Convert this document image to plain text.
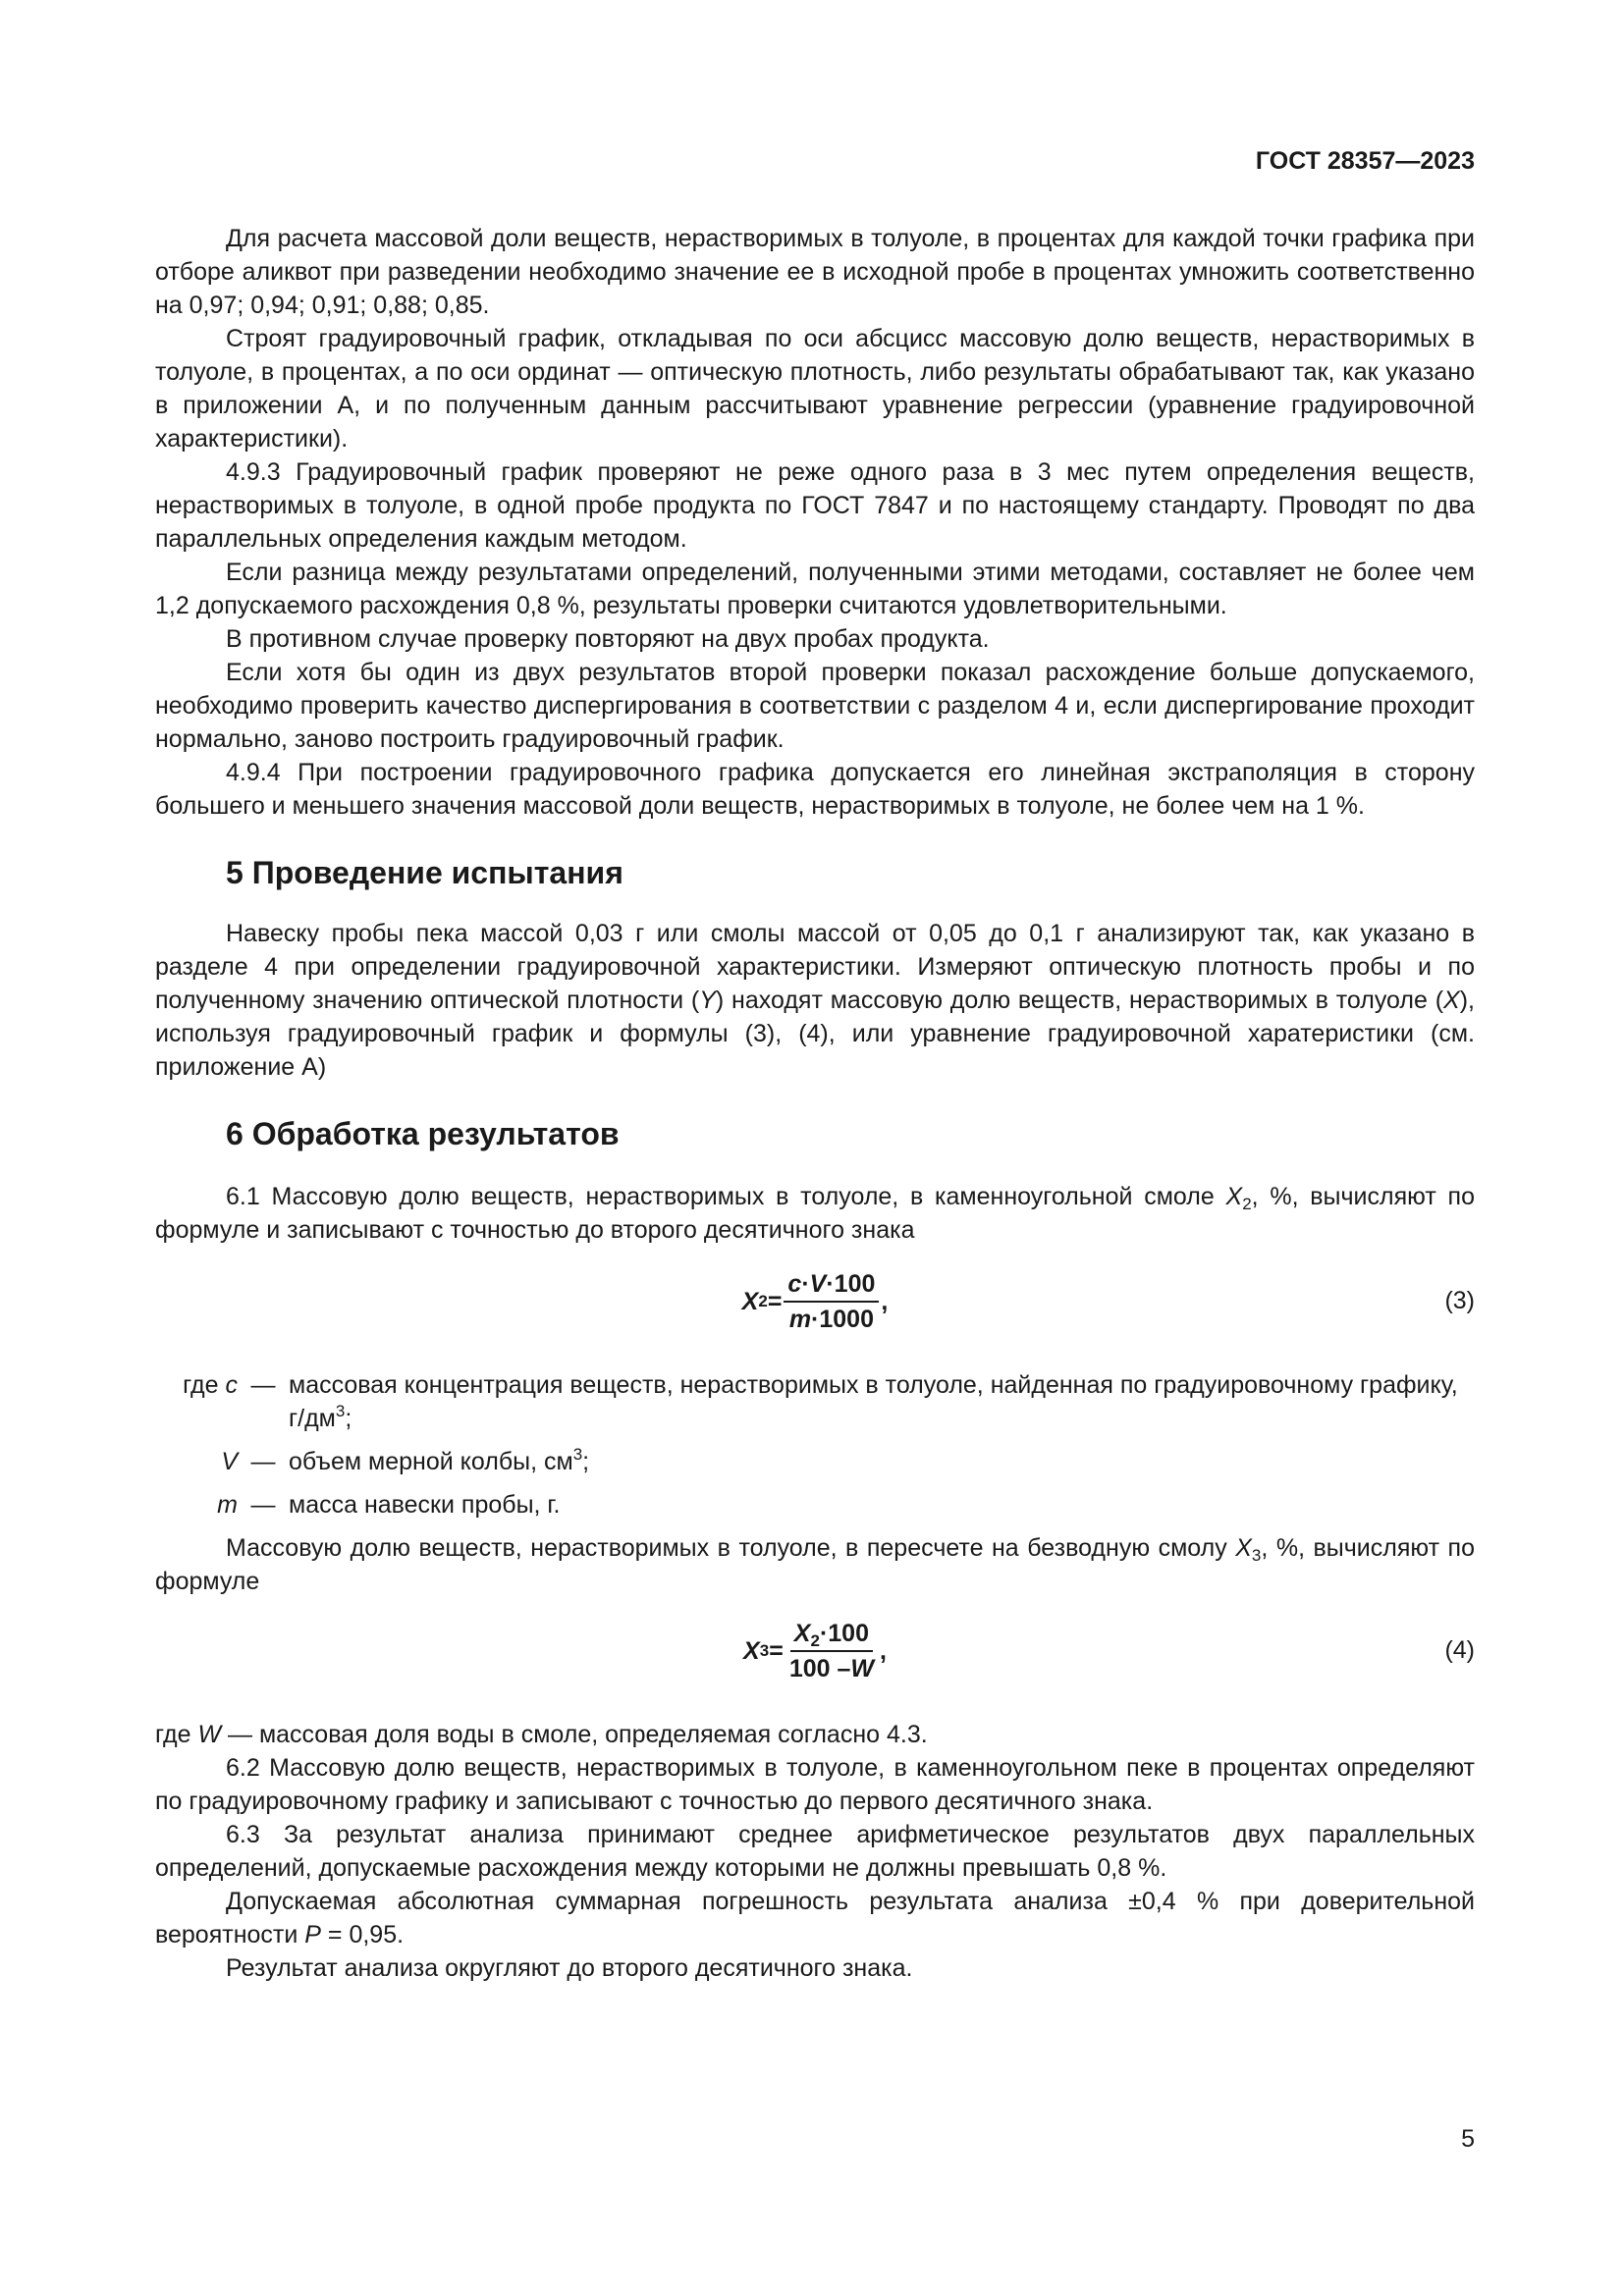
ГОСТ 28357—2023

Для расчета массовой доли веществ, нерастворимых в толуоле, в процентах для каждой точки графика при отборе аликвот при разведении необходимо значение ее в исходной пробе в процентах умножить соответственно на 0,97; 0,94; 0,91; 0,88; 0,85.

Строят градуировочный график, откладывая по оси абсцисс массовую долю веществ, нерастворимых в толуоле, в процентах, а по оси ординат — оптическую плотность, либо результаты обрабатывают так, как указано в приложении А, и по полученным данным рассчитывают уравнение регрессии (уравнение градуировочной характеристики).

4.9.3 Градуировочный график проверяют не реже одного раза в 3 мес путем определения веществ, нерастворимых в толуоле, в одной пробе продукта по ГОСТ 7847 и по настоящему стандарту. Проводят по два параллельных определения каждым методом.

Если разница между результатами определений, полученными этими методами, составляет не более чем 1,2 допускаемого расхождения 0,8 %, результаты проверки считаются удовлетворительными.

В противном случае проверку повторяют на двух пробах продукта.

Если хотя бы один из двух результатов второй проверки показал расхождение больше допускаемого, необходимо проверить качество диспергирования в соответствии с разделом 4 и, если диспергирование проходит нормально, заново построить градуировочный график.

4.9.4 При построении градуировочного графика допускается его линейная экстраполяция в сторону большего и меньшего значения массовой доли веществ, нерастворимых в толуоле, не более чем на 1 %.

5 Проведение испытания

Навеску пробы пека массой 0,03 г или смолы массой от 0,05 до 0,1 г анализируют так, как указано в разделе 4 при определении градуировочной характеристики. Измеряют оптическую плотность пробы и по полученному значению оптической плотности (Y) находят массовую долю веществ, нерастворимых в толуоле (X), используя градуировочный график и формулы (3), (4), или уравнение градуировочной харатеристики (см. приложение А)

6 Обработка результатов

6.1 Массовую долю веществ, нерастворимых в толуоле, в каменноугольной смоле $X_2$, %, вычисляют по формуле и записывают с точностью до второго десятичного знака

X $2 = \frac{c\cdot V\cdot 100}{m\cdot 1000}$ ,	(3)
где c — массовая концентрация веществ, нерастворимых в толуоле, найденная по градуировочному графику, $г/дм^3$;
V — объем мерной колбы, $см^3$;
m — масса навески пробы, г.

Массовую долю веществ, нерастворимых в толуоле, в пересчете на безводную смолу $X_3$, %, вычисляют по формуле

X $3 = \frac{X_2\cdot 100}{100 -W}$ ,	(4)

где W — массовая доля воды в смоле, определяемая согласно 4.3.

6.2 Массовую долю веществ, нерастворимых в толуоле, в каменноугольном пеке в процентах определяют по градуировочному графику и записывают с точностью до первого десятичного знака.

6.3 За результат анализа принимают среднее арифметическое результатов двух параллельных определений, допускаемые расхождения между которыми не должны превышать 0,8 %.

Допускаемая абсолютная суммарная погрешность результата анализа ±0,4 % при доверительной вероятности P = 0,95.

Результат анализа округляют до второго десятичного знака.

5
